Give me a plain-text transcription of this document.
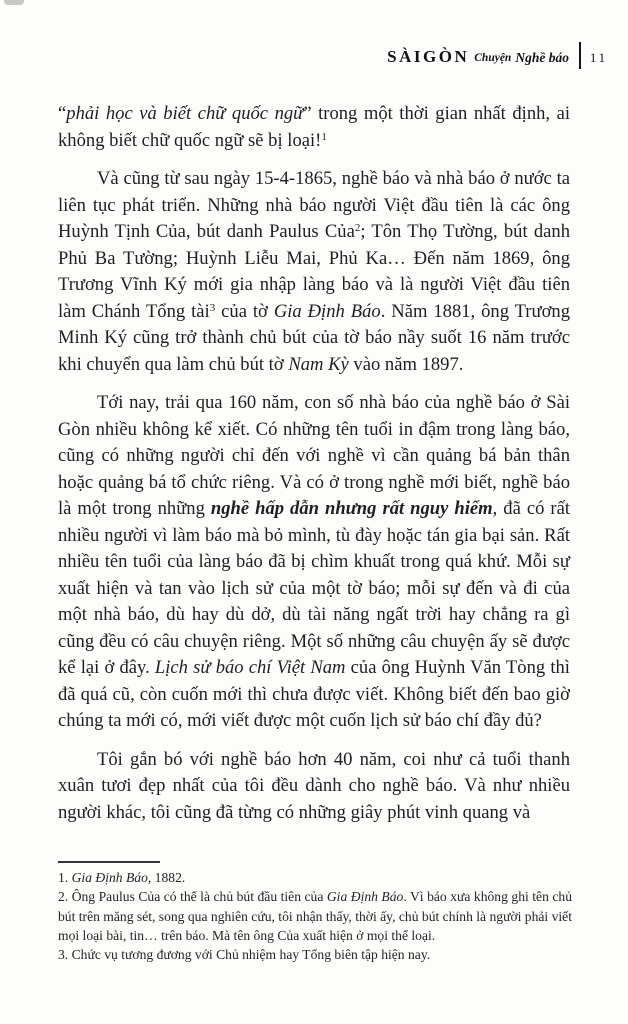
SÀIGÒN Chuyện Nghề báo 11

“phải học và biết chữ quốc ngữ” trong một thời gian nhất định, ai không biết chữ quốc ngữ sẽ bị loại!$^1$

Và cũng từ sau ngày 15-4-1865, nghề báo và nhà báo ở nước ta liên tục phát triển. Những nhà báo người Việt đầu tiên là các ông Huỳnh Tịnh Của, bút danh Paulus Của$^2$; Tôn Thọ Tường, bút danh Phủ Ba Tường; Huỳnh Liễu Mai, Phủ Ka… Đến năm 1869, ông Trương Vĩnh Ký mới gia nhập làng báo và là người Việt đầu tiên làm Chánh Tổng tài$^3$ của tờ Gia Định Báo. Năm 1881, ông Trương Minh Ký cũng trở thành chủ bút của tờ báo nầy suốt 16 năm trước khi chuyển qua làm chủ bút tờ Nam Kỳ vào năm 1897.

Tới nay, trải qua 160 năm, con số nhà báo của nghề báo ở Sài Gòn nhiều không kể xiết. Có những tên tuổi in đậm trong làng báo, cũng có những người chỉ đến với nghề vì cần quảng bá bản thân hoặc quảng bá tổ chức riêng. Và có ở trong nghề mới biết, nghề báo là một trong những nghề hấp dẫn nhưng rất nguy hiểm, đã có rất nhiều người vì làm báo mà bỏ mình, tù đày hoặc tán gia bại sản. Rất nhiều tên tuổi của làng báo đã bị chìm khuất trong quá khứ. Mỗi sự xuất hiện và tan vào lịch sử của một tờ báo; mỗi sự đến và đi của một nhà báo, dù hay dù dở, dù tài năng ngất trời hay chẳng ra gì cũng đều có câu chuyện riêng. Một số những câu chuyện ấy sẽ được kể lại ở đây. Lịch sử báo chí Việt Nam của ông Huỳnh Văn Tòng thì đã quá cũ, còn cuốn mới thì chưa được viết. Không biết đến bao giờ chúng ta mới có, mới viết được một cuốn lịch sử báo chí đầy đủ?

Tôi gắn bó với nghề báo hơn 40 năm, coi như cả tuổi thanh xuân tươi đẹp nhất của tôi đều dành cho nghề báo. Và như nhiều người khác, tôi cũng đã từng có những giây phút vinh quang và

1. Gia Định Báo, 1882.

2. Ông Paulus Của có thể là chủ bút đầu tiên của Gia Định Báo. Vì báo xưa không ghi tên chủ bút trên măng sét, song qua nghiên cứu, tôi nhận thấy, thời ấy, chủ bút chính là người phải viết mọi loại bài, tin… trên báo. Mà tên ông Của xuất hiện ở mọi thể loại.

3. Chức vụ tương đương với Chủ nhiệm hay Tổng biên tập hiện nay.
